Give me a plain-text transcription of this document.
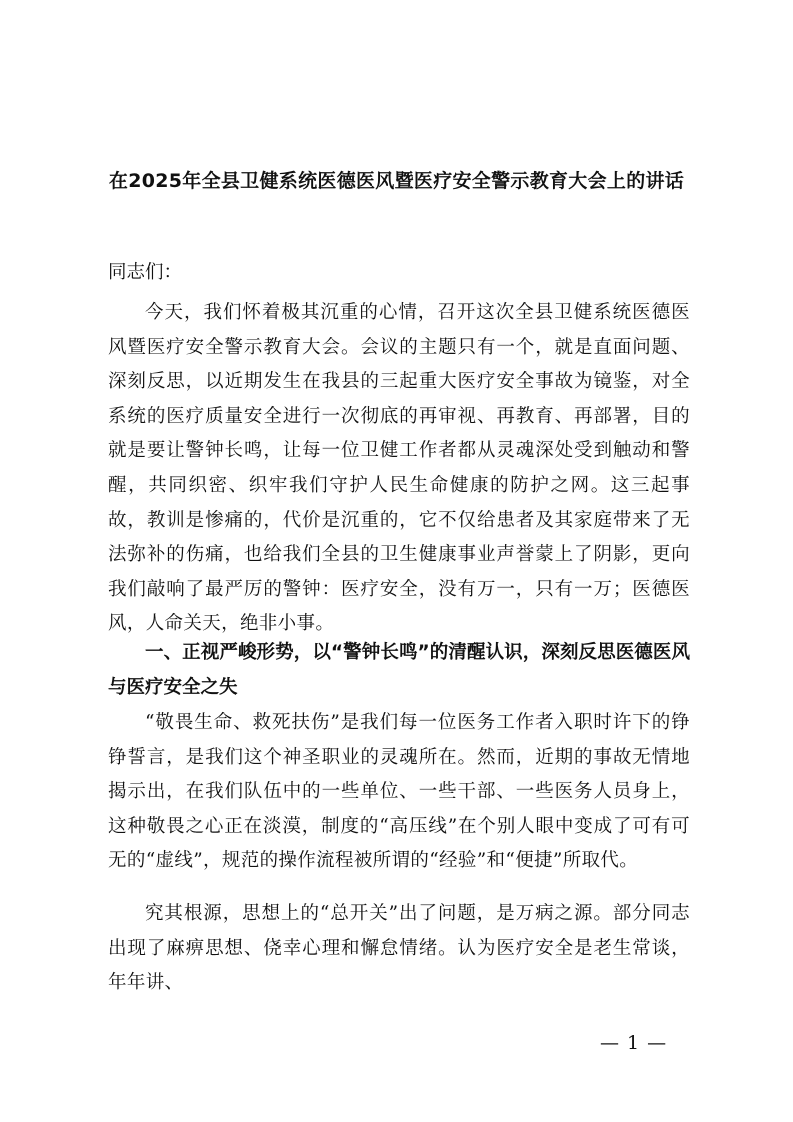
在2025年全县卫健系统医德医风暨医疗安全警示教育大会上的讲话

同志们：

今天，我们怀着极其沉重的心情，召开这次全县卫健系统医德医风暨医疗安全警示教育大会。会议的主题只有一个，就是直面问题、深刻反思，以近期发生在我县的三起重大医疗安全事故为镜鉴，对全系统的医疗质量安全进行一次彻底的再审视、再教育、再部署，目的就是要让警钟长鸣，让每一位卫健工作者都从灵魂深处受到触动和警醒，共同织密、织牢我们守护人民生命健康的防护之网。这三起事故，教训是惨痛的，代价是沉重的，它不仅给患者及其家庭带来了无法弥补的伤痛，也给我们全县的卫生健康事业声誉蒙上了阴影，更向我们敲响了最严厉的警钟：医疗安全，没有万一，只有一万；医德医风，人命关天，绝非小事。

一、正视严峻形势，以“警钟长鸣”的清醒认识，深刻反思医德医风与医疗安全之失

“敬畏生命、救死扶伤”是我们每一位医务工作者入职时许下的铮铮誓言，是我们这个神圣职业的灵魂所在。然而，近期的事故无情地揭示出，在我们队伍中的一些单位、一些干部、一些医务人员身上，这种敬畏之心正在淡漠，制度的“高压线”在个别人眼中变成了可有可无的“虚线”，规范的操作流程被所谓的“经验”和“便捷”所取代。

究其根源，思想上的“总开关”出了问题，是万病之源。部分同志出现了麻痹思想、侥幸心理和懈怠情绪。认为医疗安全是老生常谈，年年讲、

— 1 —
